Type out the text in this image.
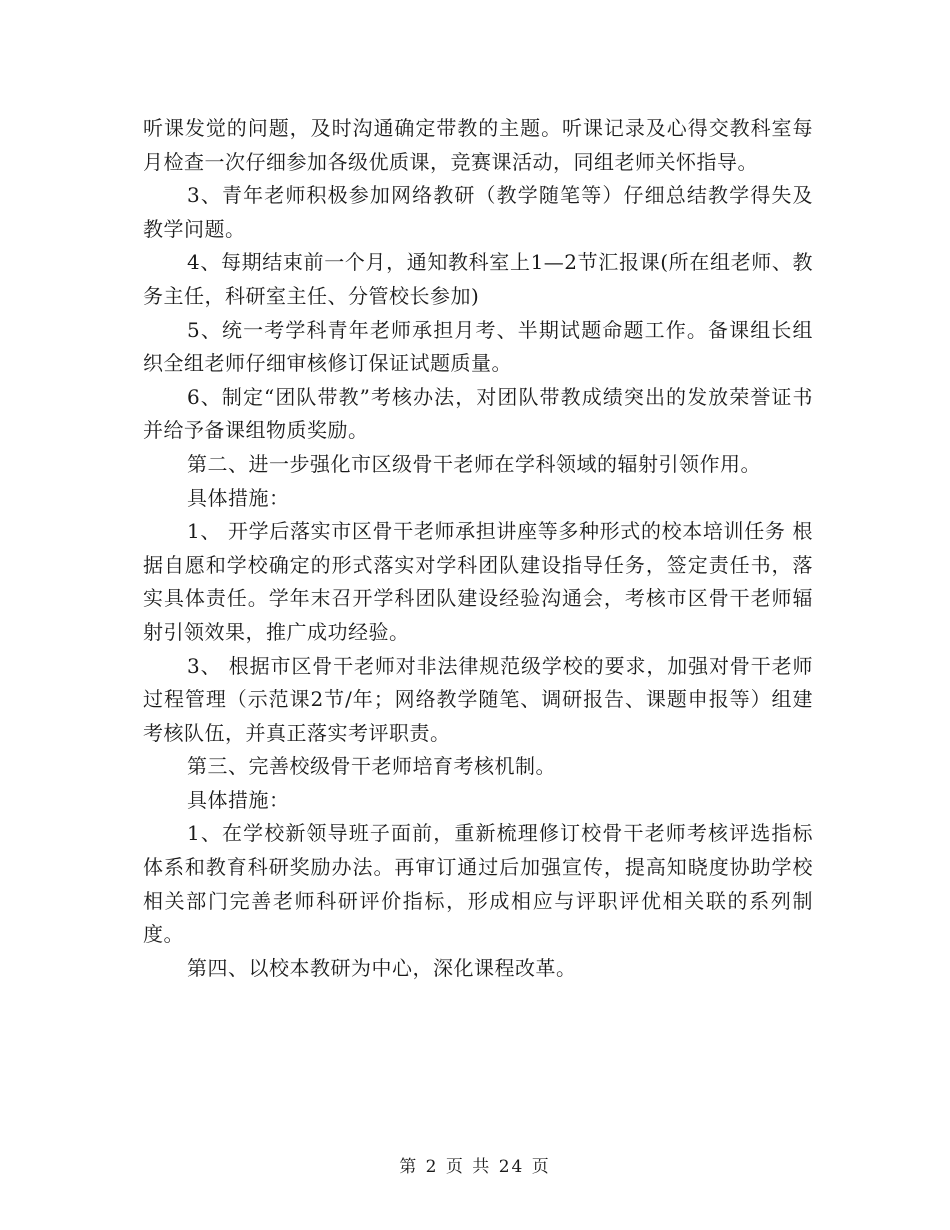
听课发觉的问题，及时沟通确定带教的主题。听课记录及心得交教科室每月检查一次仔细参加各级优质课，竞赛课活动，同组老师关怀指导。

3、青年老师积极参加网络教研（教学随笔等）仔细总结教学得失及教学问题。

4、每期结束前一个月，通知教科室上1—2节汇报课(所在组老师、教务主任，科研室主任、分管校长参加)

5、统一考学科青年老师承担月考、半期试题命题工作。备课组长组织全组老师仔细审核修订保证试题质量。

6、制定“团队带教”考核办法，对团队带教成绩突出的发放荣誉证书并给予备课组物质奖励。

第二、进一步强化市区级骨干老师在学科领域的辐射引领作用。

具体措施：

1、 开学后落实市区骨干老师承担讲座等多种形式的校本培训任务 根据自愿和学校确定的形式落实对学科团队建设指导任务，签定责任书，落实具体责任。学年末召开学科团队建设经验沟通会，考核市区骨干老师辐射引领效果，推广成功经验。

3、 根据市区骨干老师对非法律规范级学校的要求，加强对骨干老师过程管理（示范课2节/年；网络教学随笔、调研报告、课题申报等）组建考核队伍，并真正落实考评职责。

第三、完善校级骨干老师培育考核机制。

具体措施：

1、在学校新领导班子面前，重新梳理修订校骨干老师考核评选指标体系和教育科研奖励办法。再审订通过后加强宣传，提高知晓度协助学校相关部门完善老师科研评价指标，形成相应与评职评优相关联的系列制度。

第四、以校本教研为中心，深化课程改革。

第 2 页 共 24 页
